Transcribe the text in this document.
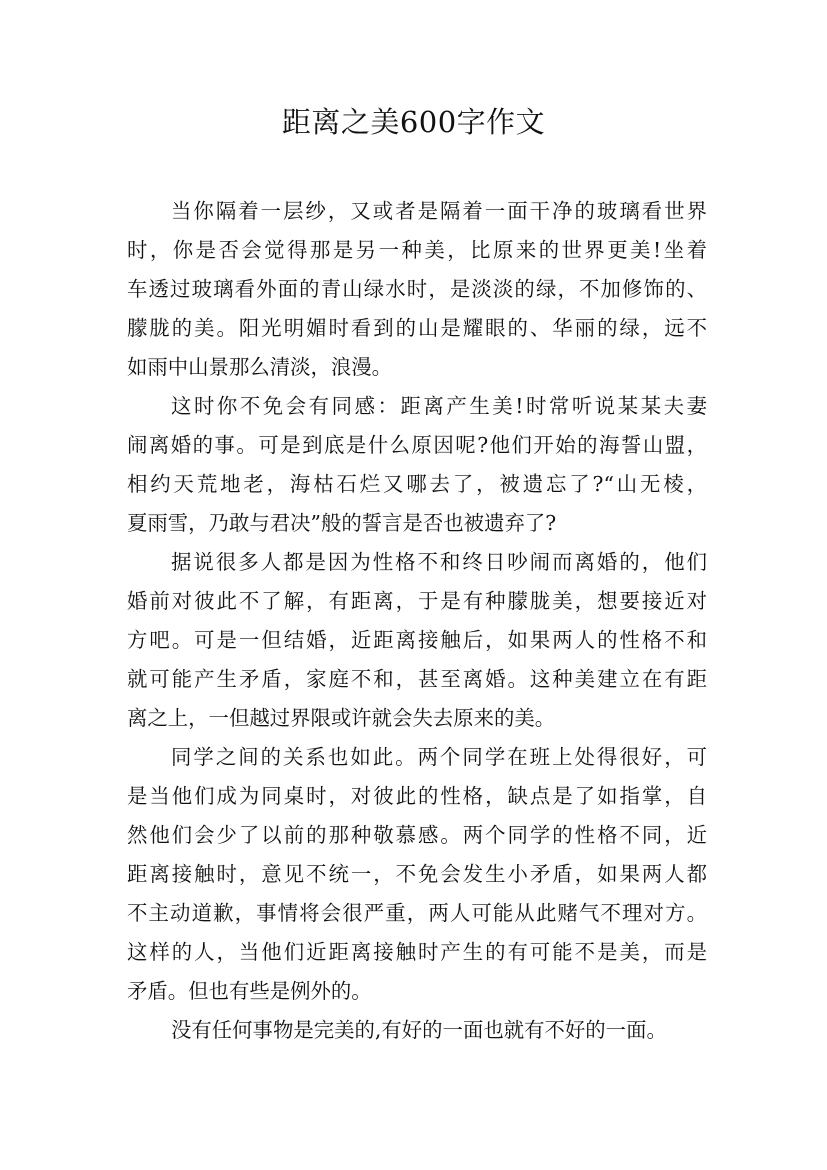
距离之美600字作文
当你隔着一层纱，又或者是隔着一面干净的玻璃看世界
时，你是否会觉得那是另一种美，比原来的世界更美!坐着
车透过玻璃看外面的青山绿水时，是淡淡的绿，不加修饰的、
朦胧的美。阳光明媚时看到的山是耀眼的、华丽的绿，远不
如雨中山景那么清淡，浪漫。
这时你不免会有同感：距离产生美!时常听说某某夫妻
闹离婚的事。可是到底是什么原因呢?他们开始的海誓山盟，
相约天荒地老，海枯石烂又哪去了，被遗忘了?“山无棱，
夏雨雪，乃敢与君决”般的誓言是否也被遗弃了?
据说很多人都是因为性格不和终日吵闹而离婚的，他们
婚前对彼此不了解，有距离，于是有种朦胧美，想要接近对
方吧。可是一但结婚，近距离接触后，如果两人的性格不和
就可能产生矛盾，家庭不和，甚至离婚。这种美建立在有距
离之上，一但越过界限或许就会失去原来的美。
同学之间的关系也如此。两个同学在班上处得很好，可
是当他们成为同桌时，对彼此的性格，缺点是了如指掌，自
然他们会少了以前的那种敬慕感。两个同学的性格不同，近
距离接触时，意见不统一，不免会发生小矛盾，如果两人都
不主动道歉，事情将会很严重，两人可能从此赌气不理对方。
这样的人，当他们近距离接触时产生的有可能不是美，而是
矛盾。但也有些是例外的。
没有任何事物是完美的,有好的一面也就有不好的一面。
